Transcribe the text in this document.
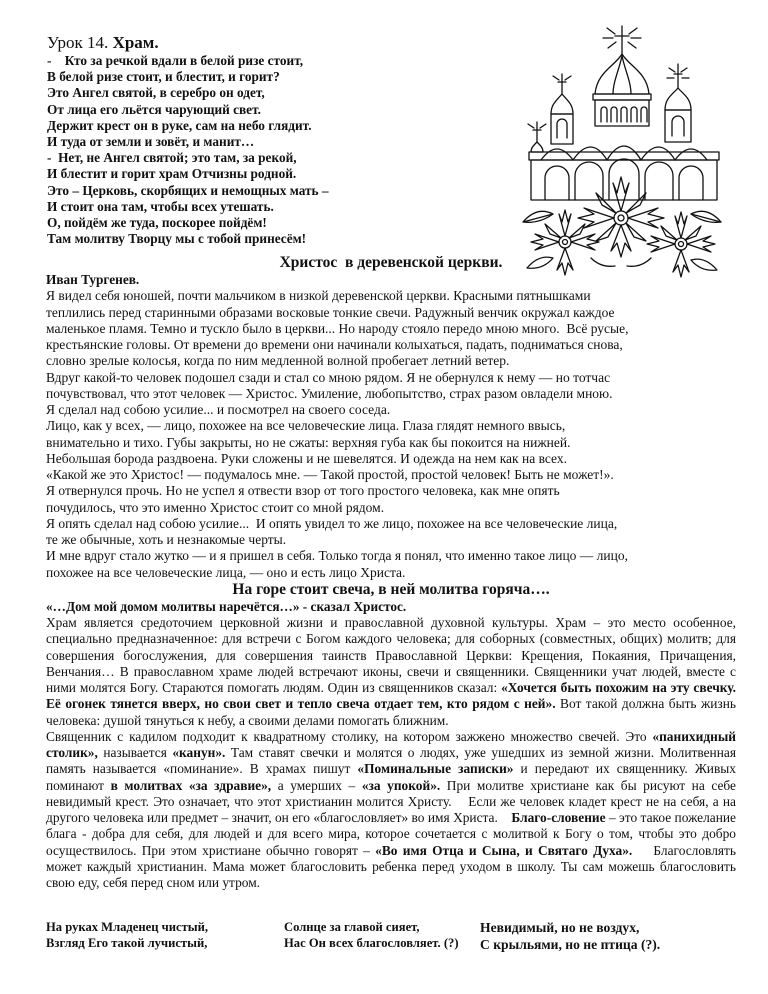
Урок 14. Храм.
-    Кто за речкой вдали в белой ризе стоит,
В белой ризе стоит, и блестит, и горит?
Это Ангел святой, в серебро он одет,
От лица его льётся чарующий свет.
Держит крест он в руке, сам на небо глядит.
И туда от земли и зовёт, и манит…
-  Нет, не Ангел святой; это там, за рекой,
И блестит и горит храм Отчизны родной.
Это – Церковь, скорбящих и немощных мать –
И стоит она там, чтобы всех утешать.
О, пойдём же туда, поскорее пойдём!
Там молитву Творцу мы с тобой принесём!
Христос  в деревенской церкви.
Иван Тургенев.
Я видел себя юношей, почти мальчиком в низкой деревенской церкви. Красными пятнышками
теплились перед старинными образами восковые тонкие свечи. Радужный венчик окружал каждое
маленькое пламя. Темно и тускло было в церкви... Но народу стояло передо мною много.  Всё русые,
крестьянские головы. От времени до времени они начинали колыхаться, падать, подниматься снова,
словно зрелые колосья, когда по ним медленной волной пробегает летний ветер.
Вдруг какой-то человек подошел сзади и стал со мною рядом. Я не обернулся к нему — но тотчас
почувствовал, что этот человек — Христос. Умиление, любопытство, страх разом овладели мною.
Я сделал над собою усилие... и посмотрел на своего соседа.
Лицо, как у всех, — лицо, похожее на все человеческие лица. Глаза глядят немного ввысь,
внимательно и тихо. Губы закрыты, но не сжаты: верхняя губа как бы покоится на нижней.
Небольшая борода раздвоена. Руки сложены и не шевелятся. И одежда на нем как на всех.
«Какой же это Христос! — подумалось мне. — Такой простой, простой человек! Быть не может!».
Я отвернулся прочь. Но не успел я отвести взор от того простого человека, как мне опять
почудилось, что это именно Христос стоит со мной рядом.
Я опять сделал над собою усилие...  И опять увидел то же лицо, похожее на все человеческие лица,
те же обычные, хоть и незнакомые черты.
И мне вдруг стало жутко — и я пришел в себя. Только тогда я понял, что именно такое лицо — лицо,
похожее на все человеческие лица, — оно и есть лицо Христа.
На горе стоит свеча, в ней молитва горяча….
«…Дом мой домом молитвы наречётся…» - сказал Христос.

Храм является средоточием церковной жизни и православной духовной культуры. Храм – это место особенное, специально предназначенное: для встречи с Богом каждого человека; для соборных (совместных, общих) молитв; для совершения богослужения, для совершения таинств Православной Церкви: Крещения, Покаяния, Причащения, Венчания… В православном храме людей встречают иконы, свечи и священники. Священники учат людей, вместе с ними молятся Богу. Стараются помогать людям. Один из священников сказал: «Хочется быть похожим на эту свечку. Её огонек тянется вверх, но свои свет и тепло свеча отдает тем, кто рядом с ней». Вот такой должна быть жизнь человека: душой тянуться к небу, а своими делами помогать ближним.

Священник с кадилом подходит к квадратному столику, на котором зажжено множество свечей. Это «панихидный столик», называется «канун». Там ставят свечки и молятся о людях, уже ушедших из земной жизни. Молитвенная память называется «поминание». В храмах пишут «Поминальные записки» и передают их священнику. Живых поминают в молитвах «за здравие», а умерших – «за упокой». При молитве христиане как бы рисуют на себе невидимый крест. Это означает, что этот христианин молится Христу.    Если же человек кладет крест не на себя, а на другого человека или предмет – значит, он его «благословляет» во имя Христа.    Благо-словение – это такое пожелание блага - добра для себя, для людей и для всего мира, которое сочетается с молитвой к Богу о том, чтобы это добро осуществилось. При этом христиане обычно говорят – «Во имя Отца и Сына, и Святаго Духа».    Благословлять может каждый христианин. Мама может благословить ребенка перед уходом в школу. Ты сам можешь благословить свою еду, себя перед сном или утром.

На руках Младенец чистый,
Взгляд Его такой лучистый,
Солнце за главой сияет,
Нас Он всех благословляет. (?)
Невидимый, но не воздух,
С крыльями, но не птица (?).
